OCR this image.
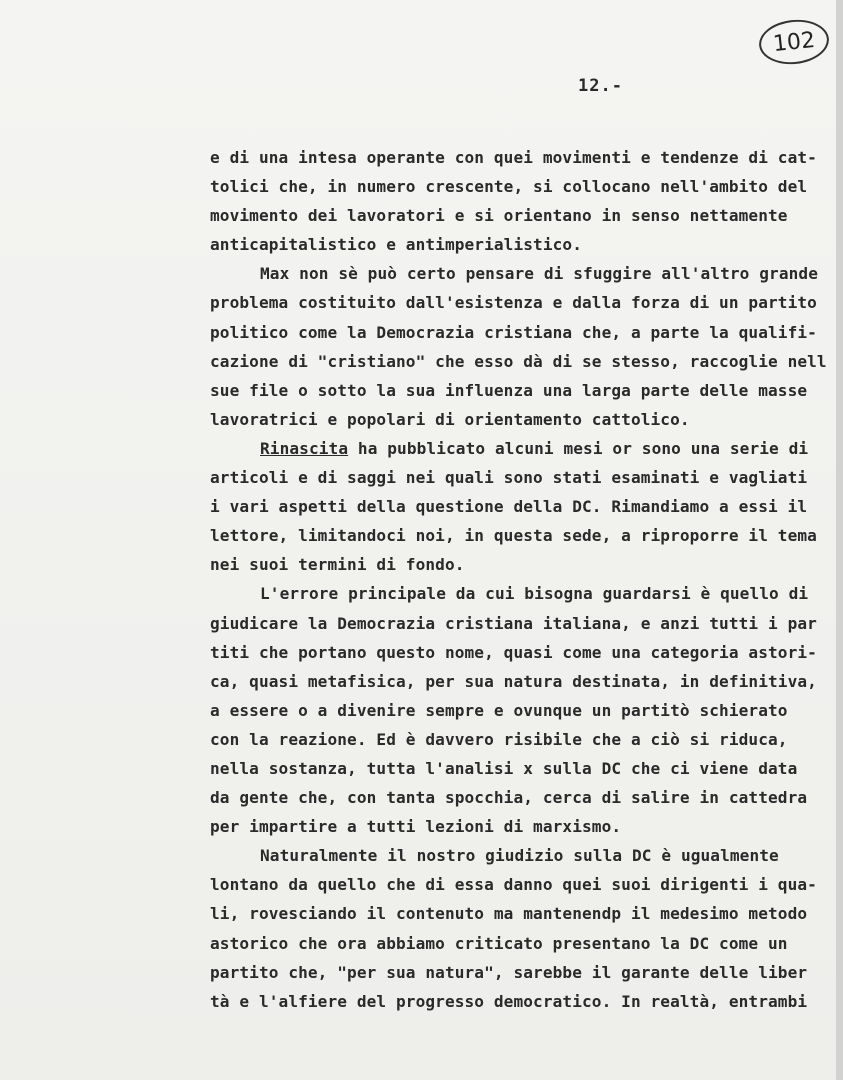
102
12.-
e di una intesa operante con quei movimenti e tendenze di cat-
tolici che, in numero crescente, si collocano nell'ambito del
movimento dei lavoratori e si orientano in senso nettamente
anticapitalistico e antimperialistico.
Max non sè può certo pensare di sfuggire all'altro grande
problema costituito dall'esistenza e dalla forza di un partito
politico come la Democrazia cristiana che, a parte la qualifi-
cazione di "cristiano" che esso dà di se stesso, raccoglie nell
sue file o sotto la sua influenza una larga parte delle masse
lavoratrici e popolari di orientamento cattolico.
Rinascita ha pubblicato alcuni mesi or sono una serie di
articoli e di saggi nei quali sono stati esaminati e vagliati
i vari aspetti della questione della DC. Rimandiamo a essi il
lettore, limitandoci noi, in questa sede, a riproporre il tema
nei suoi termini di fondo.
L'errore principale da cui bisogna guardarsi è quello di
giudicare la Democrazia cristiana italiana, e anzi tutti i par
titi che portano questo nome, quasi come una categoria astori-
ca, quasi metafisica, per sua natura destinata, in definitiva,
a essere o a divenire sempre e ovunque un partitò schierato
con la reazione. Ed è davvero risibile che a ciò si riduca,
nella sostanza, tutta l'analisi x sulla DC che ci viene data
da gente che, con tanta spocchia, cerca di salire in cattedra
per impartire a tutti lezioni di marxismo.
Naturalmente il nostro giudizio sulla DC è ugualmente
lontano da quello che di essa danno quei suoi dirigenti i qua-
li, rovesciando il contenuto ma mantenendp il medesimo metodo
astorico che ora abbiamo criticato presentano la DC come un
partito che, "per sua natura", sarebbe il garante delle liber
tà e l'alfiere del progresso democratico. In realtà, entrambi
